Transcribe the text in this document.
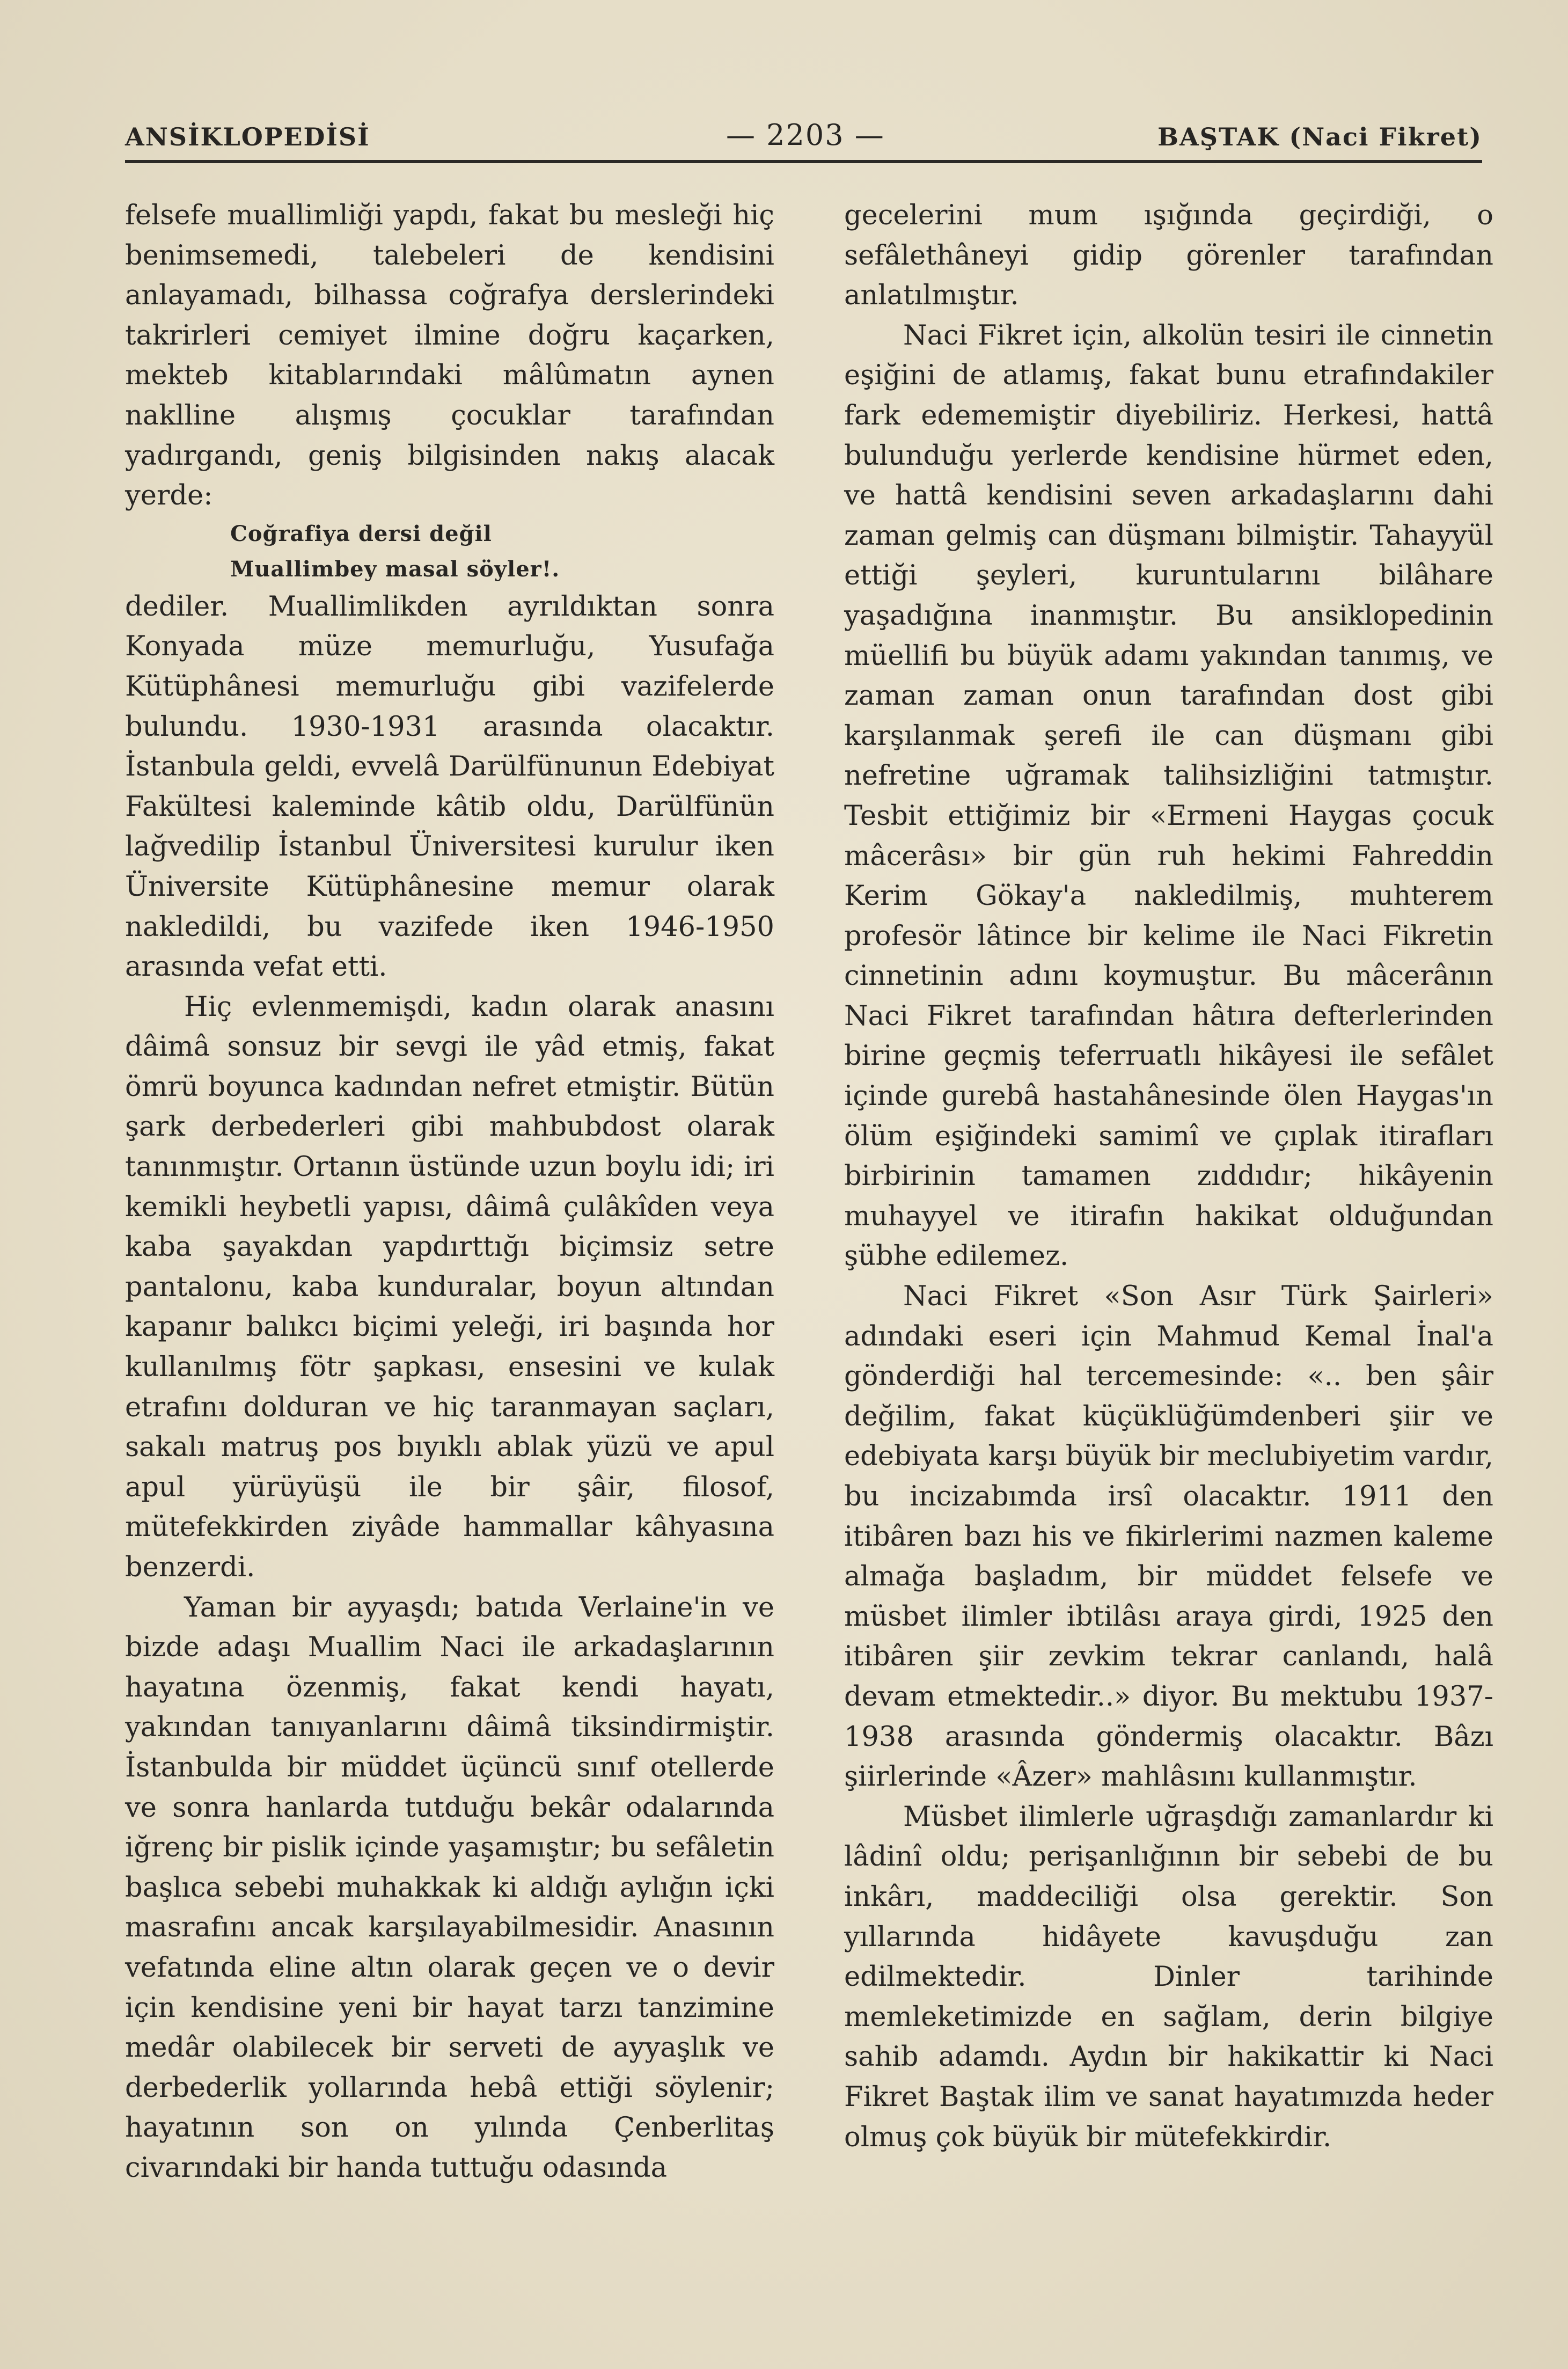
ANSİKLOPEDİSİ	— 2203 —	BAŞTAK (Naci Fikret)

felsefe muallimliği yapdı, fakat bu mesleği hiç benimsemedi, talebeleri de kendisini anlayamadı, bilhassa coğrafya derslerindeki takrirleri cemiyet ilmine doğru kaçarken, mekteb kitablarındaki mâlûmatın aynen naklline alışmış çocuklar tarafından yadırgandı, geniş bilgisinden nakış alacak yerde:

Coğrafiya dersi değil
Muallimbey masal söyler!.

dediler. Muallimlikden ayrıldıktan sonra Konyada müze memurluğu, Yusufağa Kütüphânesi memurluğu gibi vazifelerde bulundu. 1930-1931 arasında olacaktır. İstanbula geldi, evvelâ Darülfünunun Edebiyat Fakültesi kaleminde kâtib oldu, Darülfünün lağvedilip İstanbul Üniversitesi kurulur iken Üniversite Kütüphânesine memur olarak nakledildi, bu vazifede iken 1946-1950 arasında vefat etti.

Hiç evlenmemişdi, kadın olarak anasını dâimâ sonsuz bir sevgi ile yâd etmiş, fakat ömrü boyunca kadından nefret etmiştir. Bütün şark derbederleri gibi mahbubdost olarak tanınmıştır. Ortanın üstünde uzun boylu idi; iri kemikli heybetli yapısı, dâimâ çulâkîden veya kaba şayakdan yapdırttığı biçimsiz setre pantalonu, kaba kunduralar, boyun altından kapanır balıkcı biçimi yeleği, iri başında hor kullanılmış fötr şapkası, ensesini ve kulak etrafını dolduran ve hiç taranmayan saçları, sakalı matruş pos bıyıklı ablak yüzü ve apul apul yürüyüşü ile bir şâir, filosof, mütefekkirden ziyâde hammallar kâhyasına benzerdi.

Yaman bir ayyaşdı; batıda Verlaine'in ve bizde adaşı Muallim Naci ile arkadaşlarının hayatına özenmiş, fakat kendi hayatı, yakından tanıyanlarını dâimâ tiksindirmiştir. İstanbulda bir müddet üçüncü sınıf otellerde ve sonra hanlarda tutduğu bekâr odalarında iğrenç bir pislik içinde yaşamıştır; bu sefâletin başlıca sebebi muhakkak ki aldığı aylığın içki masrafını ancak karşılayabilmesidir. Anasının vefatında eline altın olarak geçen ve o devir için kendisine yeni bir hayat tarzı tanzimine medâr olabilecek bir serveti de ayyaşlık ve derbederlik yollarında hebâ ettiği söylenir; hayatının son on yılında Çenberlitaş civarındaki bir handa tuttuğu odasında

gecelerini mum ışığında geçirdiği, o sefâlethâneyi gidip görenler tarafından anlatılmıştır.

Naci Fikret için, alkolün tesiri ile cinnetin eşiğini de atlamış, fakat bunu etrafındakiler fark edememiştir diyebiliriz. Herkesi, hattâ bulunduğu yerlerde kendisine hürmet eden, ve hattâ kendisini seven arkadaşlarını dahi zaman gelmiş can düşmanı bilmiştir. Tahayyül ettiği şeyleri, kuruntularını bilâhare yaşadığına inanmıştır. Bu ansiklopedinin müellifi bu büyük adamı yakından tanımış, ve zaman zaman onun tarafından dost gibi karşılanmak şerefi ile can düşmanı gibi nefretine uğramak talihsizliğini tatmıştır. Tesbit ettiğimiz bir «Ermeni Haygas çocuk mâcerâsı» bir gün ruh hekimi Fahreddin Kerim Gökay'a nakledilmiş, muhterem profesör lâtince bir kelime ile Naci Fikretin cinnetinin adını koymuştur. Bu mâcerânın Naci Fikret tarafından hâtıra defterlerinden birine geçmiş teferruatlı hikâyesi ile sefâlet içinde gurebâ hastahânesinde ölen Haygas'ın ölüm eşiğindeki samimî ve çıplak itirafları birbirinin tamamen zıddıdır; hikâyenin muhayyel ve itirafın hakikat olduğundan şübhe edilemez.

Naci Fikret «Son Asır Türk Şairleri» adındaki eseri için Mahmud Kemal İnal'a gönderdiği hal tercemesinde: «.. ben şâir değilim, fakat küçüklüğümdenberi şiir ve edebiyata karşı büyük bir meclubiyetim vardır, bu incizabımda irsî olacaktır. 1911 den itibâren bazı his ve fikirlerimi nazmen kaleme almağa başladım, bir müddet felsefe ve müsbet ilimler ibtilâsı araya girdi, 1925 den itibâren şiir zevkim tekrar canlandı, halâ devam etmektedir..» diyor. Bu mektubu 1937-1938 arasında göndermiş olacaktır. Bâzı şiirlerinde «Âzer» mahlâsını kullanmıştır.

Müsbet ilimlerle uğraşdığı zamanlardır ki lâdinî oldu; perişanlığının bir sebebi de bu inkârı, maddeciliği olsa gerektir. Son yıllarında hidâyete kavuşduğu zan edilmektedir. Dinler tarihinde memleketimizde en sağlam, derin bilgiye sahib adamdı. Aydın bir hakikattir ki Naci Fikret Baştak ilim ve sanat hayatımızda heder olmuş çok büyük bir mütefekkirdir.
